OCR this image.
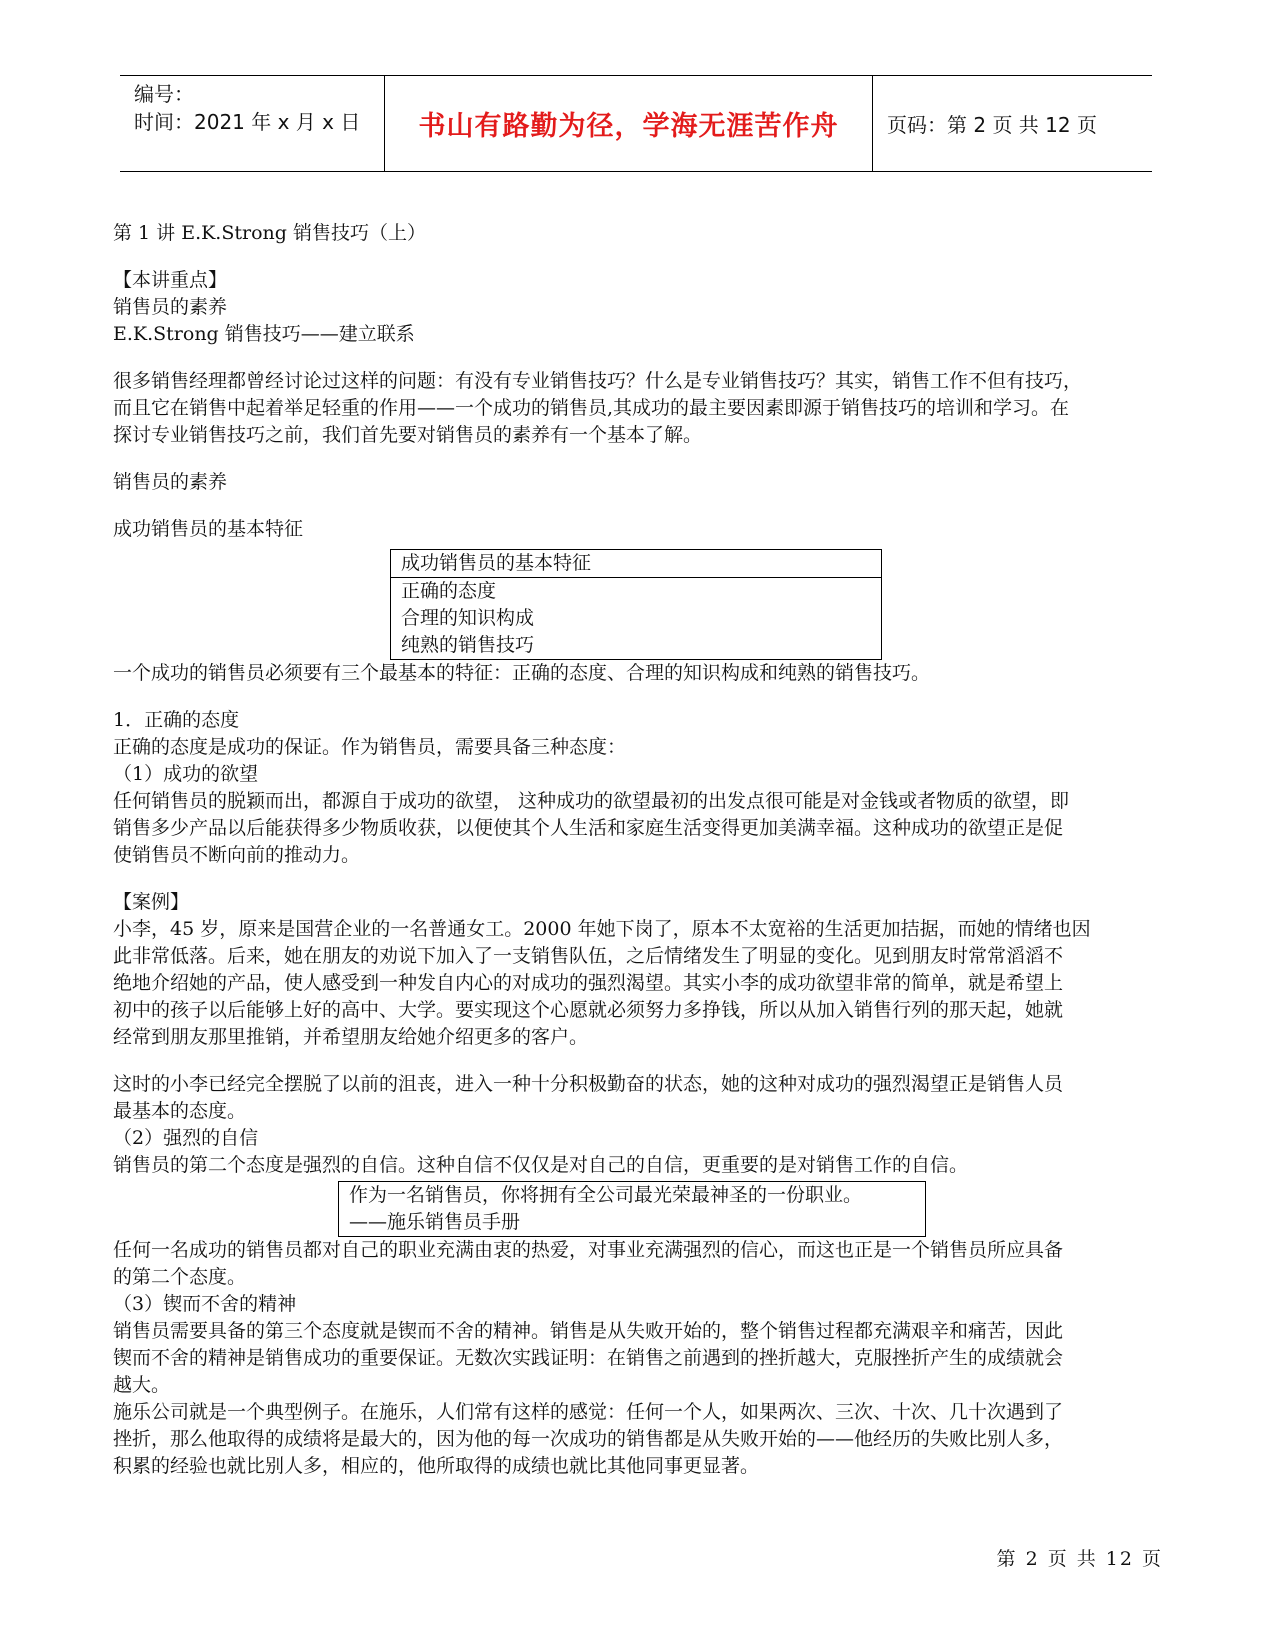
编号：
时间：2021 年 x 月 x 日	书山有路勤为径，学海无涯苦作舟	页码：第 2 页 共 12 页

第 1 讲 E.K.Strong 销售技巧（上）

【本讲重点】

销售员的素养

E.K.Strong 销售技巧——建立联系

很多销售经理都曾经讨论过这样的问题：有没有专业销售技巧？什么是专业销售技巧？其实，销售工作不但有技巧，

而且它在销售中起着举足轻重的作用——一个成功的销售员,其成功的最主要因素即源于销售技巧的培训和学习。在

探讨专业销售技巧之前，我们首先要对销售员的素养有一个基本了解。

销售员的素养

成功销售员的基本特征

成功销售员的基本特征
正确的态度
合理的知识构成
纯熟的销售技巧

一个成功的销售员必须要有三个最基本的特征：正确的态度、合理的知识构成和纯熟的销售技巧。

1．正确的态度

正确的态度是成功的保证。作为销售员，需要具备三种态度：

（1）成功的欲望

任何销售员的脱颖而出，都源自于成功的欲望， 这种成功的欲望最初的出发点很可能是对金钱或者物质的欲望，即

销售多少产品以后能获得多少物质收获，以便使其个人生活和家庭生活变得更加美满幸福。这种成功的欲望正是促

使销售员不断向前的推动力。

【案例】

小李，45 岁，原来是国营企业的一名普通女工。2000 年她下岗了，原本不太宽裕的生活更加拮据，而她的情绪也因

此非常低落。后来，她在朋友的劝说下加入了一支销售队伍，之后情绪发生了明显的变化。见到朋友时常常滔滔不

绝地介绍她的产品，使人感受到一种发自内心的对成功的强烈渴望。其实小李的成功欲望非常的简单，就是希望上

初中的孩子以后能够上好的高中、大学。要实现这个心愿就必须努力多挣钱，所以从加入销售行列的那天起，她就

经常到朋友那里推销，并希望朋友给她介绍更多的客户。

这时的小李已经完全摆脱了以前的沮丧，进入一种十分积极勤奋的状态，她的这种对成功的强烈渴望正是销售人员

最基本的态度。

（2）强烈的自信

销售员的第二个态度是强烈的自信。这种自信不仅仅是对自己的自信，更重要的是对销售工作的自信。

作为一名销售员，你将拥有全公司最光荣最神圣的一份职业。
——施乐销售员手册

任何一名成功的销售员都对自己的职业充满由衷的热爱，对事业充满强烈的信心，而这也正是一个销售员所应具备

的第二个态度。

（3）锲而不舍的精神

销售员需要具备的第三个态度就是锲而不舍的精神。销售是从失败开始的，整个销售过程都充满艰辛和痛苦，因此

锲而不舍的精神是销售成功的重要保证。无数次实践证明：在销售之前遇到的挫折越大，克服挫折产生的成绩就会

越大。

施乐公司就是一个典型例子。在施乐，人们常有这样的感觉：任何一个人，如果两次、三次、十次、几十次遇到了

挫折，那么他取得的成绩将是最大的，因为他的每一次成功的销售都是从失败开始的——他经历的失败比别人多，

积累的经验也就比别人多，相应的，他所取得的成绩也就比其他同事更显著。

第 2 页 共 12 页
